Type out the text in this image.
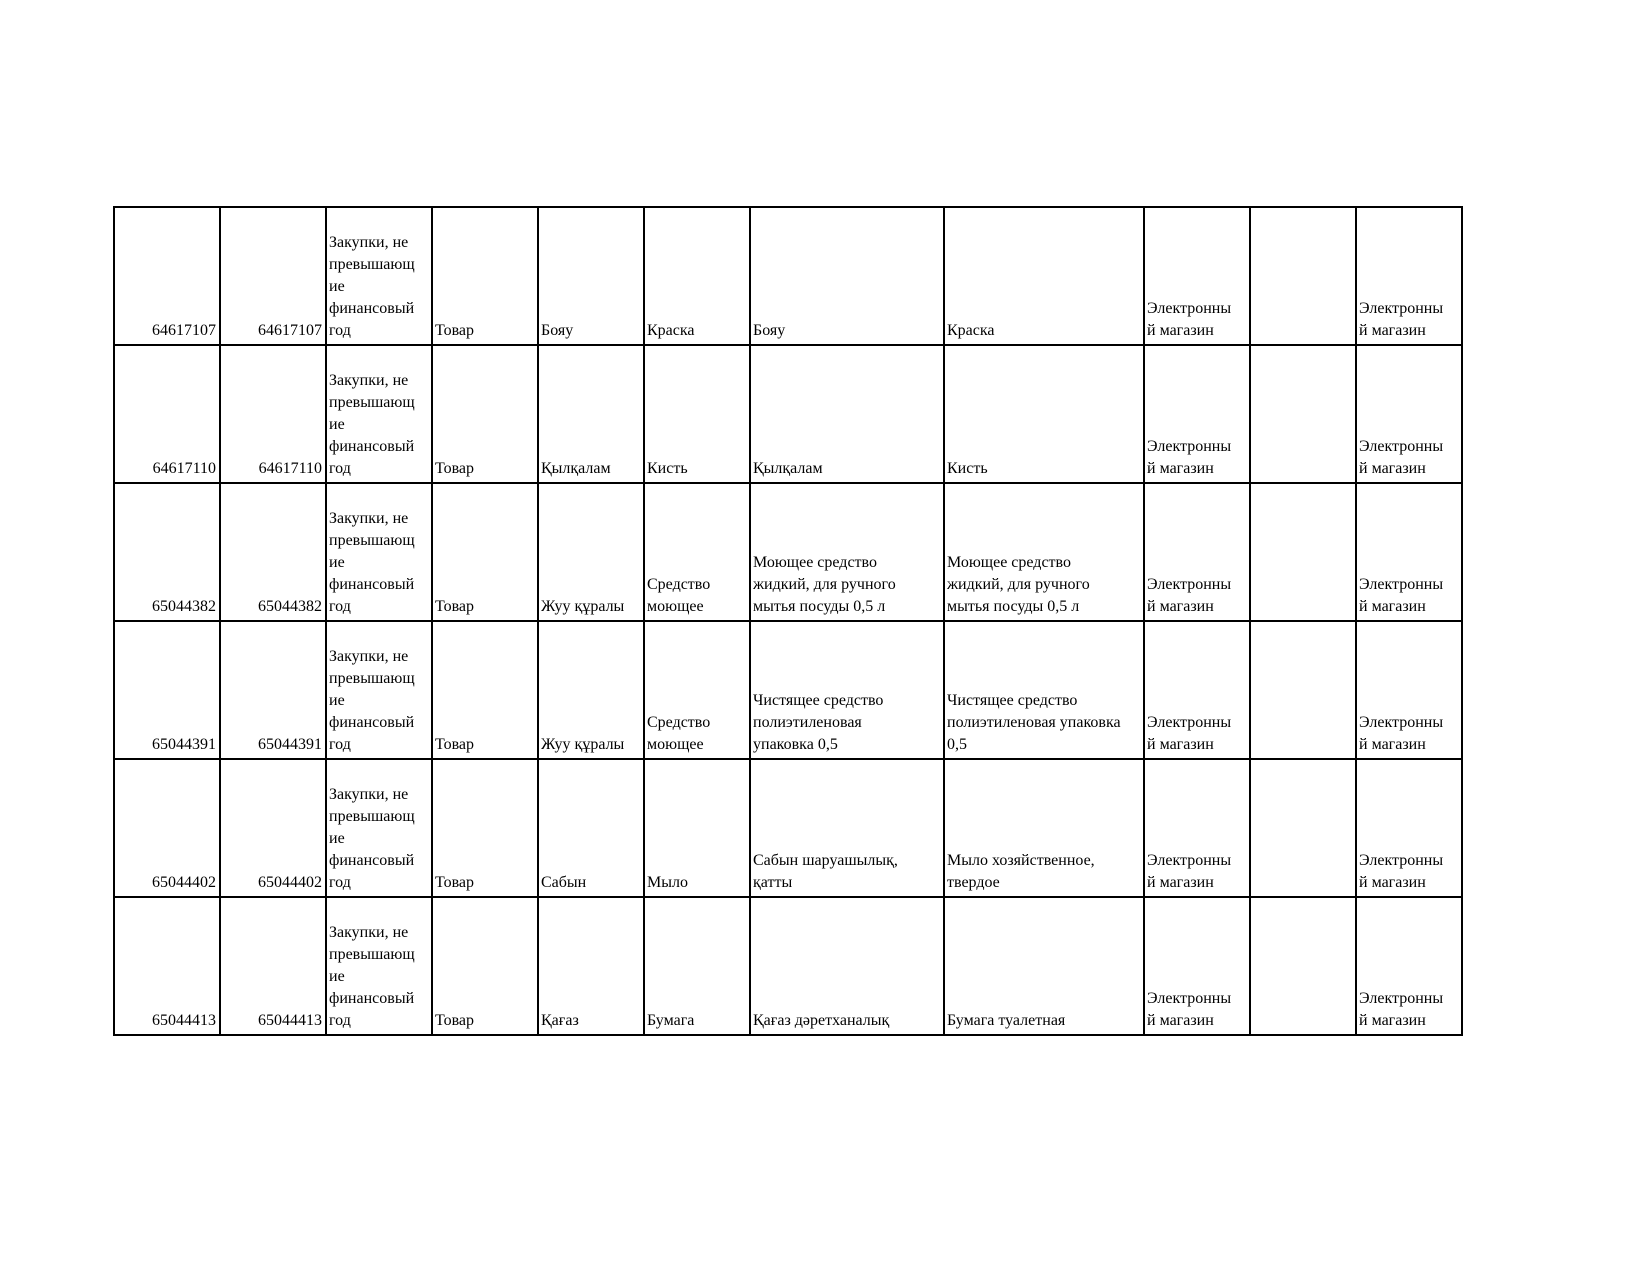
64617107	64617107	Закупки, не
превышающ
ие
финансовый
год	Товар	Бояу	Краска	Бояу	Краска	Электронны
й магазин		Электронны
й магазин

64617110	64617110	Закупки, не
превышающ
ие
финансовый
год	Товар	Қылқалам	Кисть	Қылқалам	Кисть	Электронны
й магазин		Электронны
й магазин

65044382	65044382	Закупки, не
превышающ
ие
финансовый
год	Товар	Жуу құралы	Средство
моющее	Моющее средство
жидкий, для ручного
мытья посуды 0,5 л	Моющее средство
жидкий, для ручного
мытья посуды 0,5 л	Электронны
й магазин		Электронны
й магазин

65044391	65044391	Закупки, не
превышающ
ие
финансовый
год	Товар	Жуу құралы	Средство
моющее	Чистящее средство
полиэтиленовая
упаковка 0,5	Чистящее средство
полиэтиленовая упаковка
0,5	Электронны
й магазин		Электронны
й магазин

65044402	65044402	Закупки, не
превышающ
ие
финансовый
год	Товар	Сабын	Мыло	Сабын шаруашылық,
қатты	Мыло хозяйственное,
твердое	Электронны
й магазин		Электронны
й магазин

65044413	65044413	Закупки, не
превышающ
ие
финансовый
год	Товар	Қағаз	Бумага	Қағаз дәретханалық	Бумага туалетная	Электронны
й магазин		Электронны
й магазин
